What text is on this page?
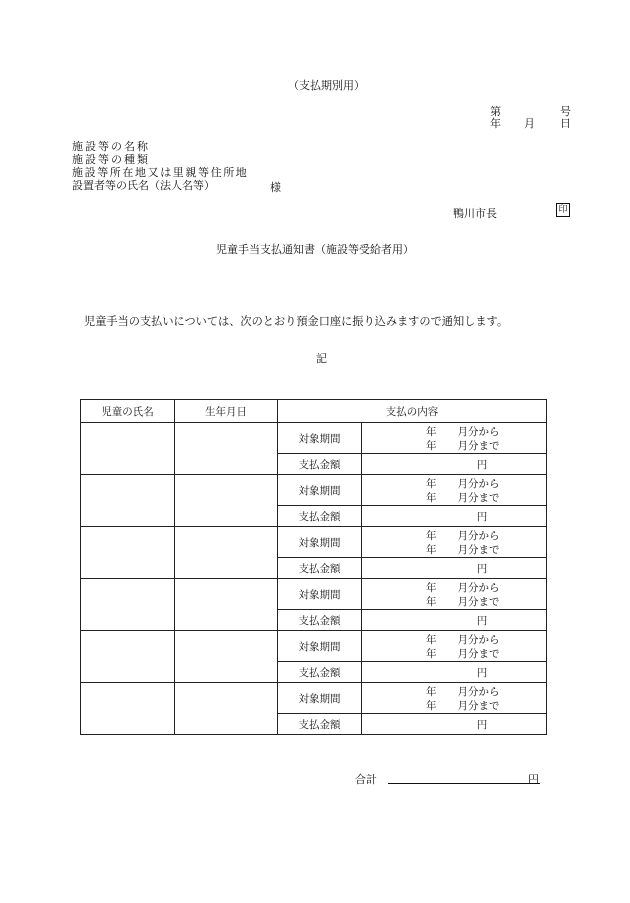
（支払期別用）
第	号
年 月 日
施設等の名称
施設等の種類
施設等所在地又は里親等住所地
設置者等の氏名（法人名等）	様
鴨川市長	印
児童手当支払通知書（施設等受給者用）
児童手当の支払いについては、次のとおり預金口座に振り込みますので通知します。
記
児童の氏名	生年月日	支払の内容	
		対象期間	年　　月分から
年　　月分まで

		支払金額	円
		対象期間	年　　月分から
年　　月分まで

		支払金額	円
		対象期間	年　　月分から
年　　月分まで

		支払金額	円
		対象期間	年　　月分から
年　　月分まで

		支払金額	円
		対象期間	年　　月分から
年　　月分まで

		支払金額	円
		対象期間	年　　月分から
年　　月分まで

		支払金額	円
合計	円
